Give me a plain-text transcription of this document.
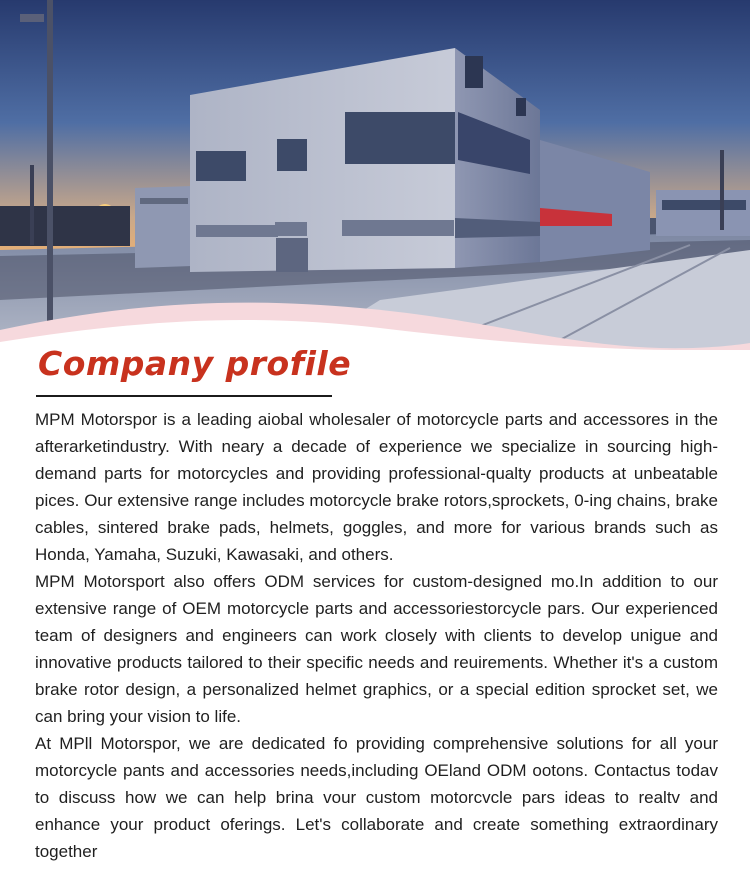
Company profile

MPM Motorspor is a leading aiobal wholesaler of motorcycle parts and accessores in the afterarketindustry. With neary a decade of experience we specialize in sourcing high-demand parts for motorcycles and providing professional-qualty products at unbeatable pices. Our extensive range includes motorcycle brake rotors,sprockets, 0-ing chains, brake cables, sintered brake pads, helmets, goggles, and more for various brands such as Honda, Yamaha, Suzuki, Kawasaki, and others.

MPM Motorsport also offers ODM services for custom-designed mo.In addition to our extensive range of OEM motorcycle parts and accessoriestorcycle pars. Our experienced team of designers and engineers can work closely with clients to develop unigue and innovative products tailored to their specific needs and reuirements. Whether it's a custom brake rotor design, a personalized helmet graphics, or a special edition sprocket set, we can bring your vision to life.

At MPll Motorspor, we are dedicated fo providing comprehensive solutions for all your motorcycle pants and accessories needs,including OEland ODM ootons. Contactus todav to discuss how we can help brina vour custom motorcvcle pars ideas to realtv and enhance your product oferings. Let's collaborate and create something extraordinary together
